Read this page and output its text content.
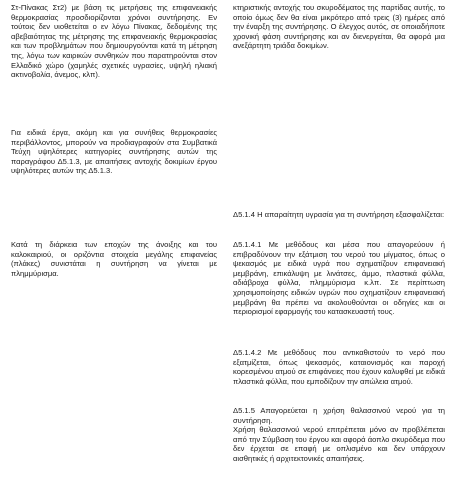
Στ-Πίνακας Στ2) με βάση τις μετρήσεις της επιφανειακής θερμοκρασίας προσδιορίζονται χρόνοι συντήρησης. Εν τούτοις δεν υιοθετείται ο εν λόγω Πίνακας, δεδομένης της αβεβαιότητας της μέτρησης της επιφανειακής θερμοκρασίας και των προβλημάτων που δημιουργούνται κατά τη μέτρηση της, λόγω των καιρικών συνθηκών που παρατηρούνται στον Ελλαδικό χώρο (χαμηλές σχετικές υγρασίες, υψηλή ηλιακή ακτινοβολία, άνεμος, κλπ).

Για ειδικά έργα, ακόμη και για συνήθεις θερμοκρασίες περιβάλλοντος, μπορούν να προδιαγραφούν στα Συμβατικά Τεύχη υψηλότερες κατηγορίες συντήρησης αυτών της παραγράφου Δ5.1.3, με απαιτήσεις αντοχής δοκιμίων έργου υψηλότερες αυτών της Δ5.1.3.

Κατά τη διάρκεια των εποχών της άνοιξης και του καλοκαιριού, οι οριζόντια στοιχεία μεγάλης επιφανείας (πλάκες) συνιστάται η συντήρηση να γίνεται με πλημμύρισμα.

κτηριστικής αντοχής του σκυροδέματος της παρτίδας αυτής, το οποίο όμως δεν θα είναι μικρότερο από τρεις (3) ημέρες από την έναρξη της συντήρησης. Ο έλεγχος αυτός, σε οποιαδήποτε χρονική φάση συντήρησης και αν διενεργείται, θα αφορά μια ανεξάρτητη τριάδα δοκιμίων.

Δ5.1.4 Η απαραίτητη υγρασία για τη συντήρηση εξασφαλίζεται:

Δ5.1.4.1 Με μεθόδους και μέσα που απαγορεύουν ή επιβραδύνουν την εξάτμιση του νερού του μίγματος, όπως ο ψεκασμός με ειδικά υγρά που σχηματίζουν επιφανειακή μεμβράνη, επικάλυψη με λινάτσες, άμμο, πλαστικά φύλλα, αδιάβροχα φύλλα, πλημμύρισμα κ.λπ. Σε περίπτωση χρησιμοποίησης ειδικών υγρών που σχηματίζουν επιφανειακή μεμβράνη θα πρέπει να ακολουθούνται οι οδηγίες και οι περιορισμοί εφαρμογής του κατασκευαστή τους.

Δ5.1.4.2 Με μεθόδους που αντικαθιστούν το νερό που εξατμίζεται, όπως ψεκασμός, καταιονισμός και παροχή κορεσμένου ατμού σε επιφάνειες που έχουν καλυφθεί με ειδικά πλαστικά φύλλα, που εμποδίζουν την απώλεια ατμού.

Δ5.1.5 Απαγορεύεται η χρήση θαλασσινού νερού για τη συντήρηση.

Χρήση θαλασσινού νερού επιτρέπεται μόνο αν προβλέπεται από την Σύμβαση του έργου και αφορά άοπλο σκυρόδεμα που δεν έρχεται σε επαφή με οπλισμένο και δεν υπάρχουν αισθητικές ή αρχιτεκτονικές απαιτήσεις.
